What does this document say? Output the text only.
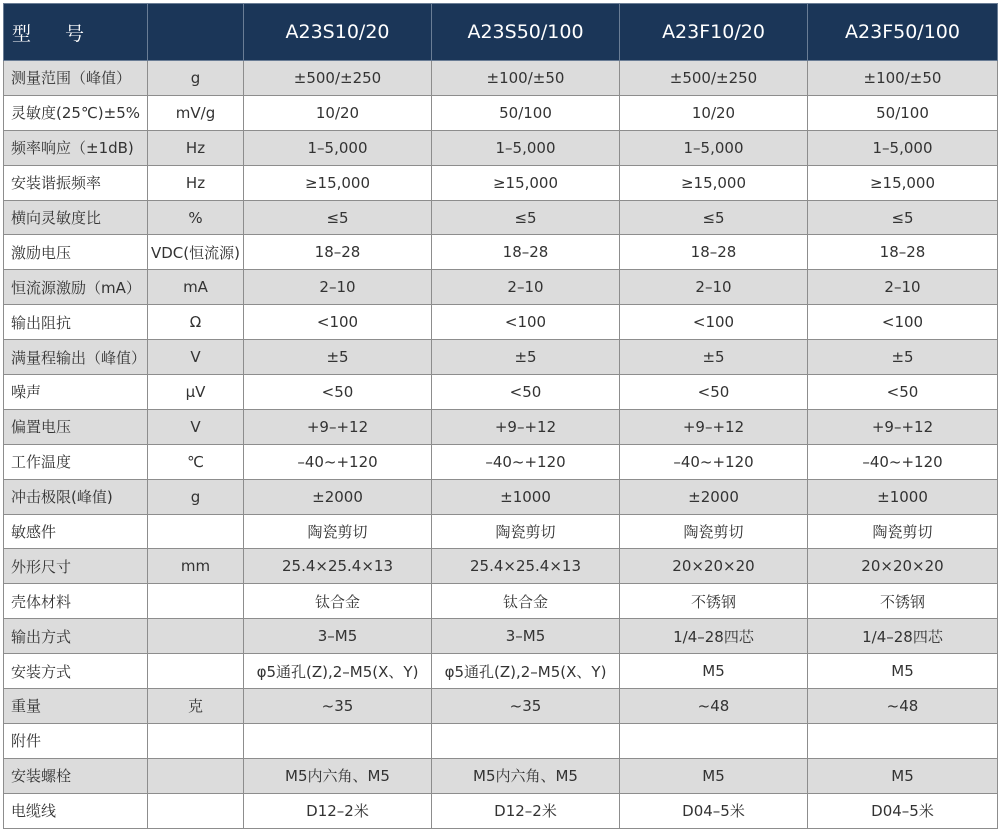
型 号		A23S10/20	A23S50/100	A23F10/20	A23F50/100
测量范围（峰值）	g	±500/±250	±100/±50	±500/±250	±100/±50
灵敏度(25℃)±5%	mV/g	10/20	50/100	10/20	50/100
频率响应（±1dB)	Hz	1–5,000	1–5,000	1–5,000	1–5,000
安装谐振频率	Hz	≥15,000	≥15,000	≥15,000	≥15,000
横向灵敏度比	%	≤5	≤5	≤5	≤5
激励电压	VDC(恒流源)	18–28	18–28	18–28	18–28
恒流源激励（mA）	mA	2–10	2–10	2–10	2–10
输出阻抗	Ω	<100	<100	<100	<100
满量程输出（峰值）	V	±5	±5	±5	±5
噪声	μV	<50	<50	<50	<50
偏置电压	V	+9–+12	+9–+12	+9–+12	+9–+12
工作温度	℃	–40~+120	–40~+120	–40~+120	–40~+120
冲击极限(峰值)	g	±2000	±1000	±2000	±1000
敏感件		陶瓷剪切	陶瓷剪切	陶瓷剪切	陶瓷剪切
外形尺寸	mm	25.4×25.4×13	25.4×25.4×13	20×20×20	20×20×20
壳体材料		钛合金	钛合金	不锈钢	不锈钢
输出方式		3–M5	3–M5	1/4–28四芯	1/4–28四芯
安装方式		φ5通孔(Z),2–M5(X、Y)	φ5通孔(Z),2–M5(X、Y)	M5	M5
重量	克	~35	~35	~48	~48
附件					
安装螺栓		M5内六角、M5	M5内六角、M5	M5	M5
电缆线		D12–2米	D12–2米	D04–5米	D04–5米
